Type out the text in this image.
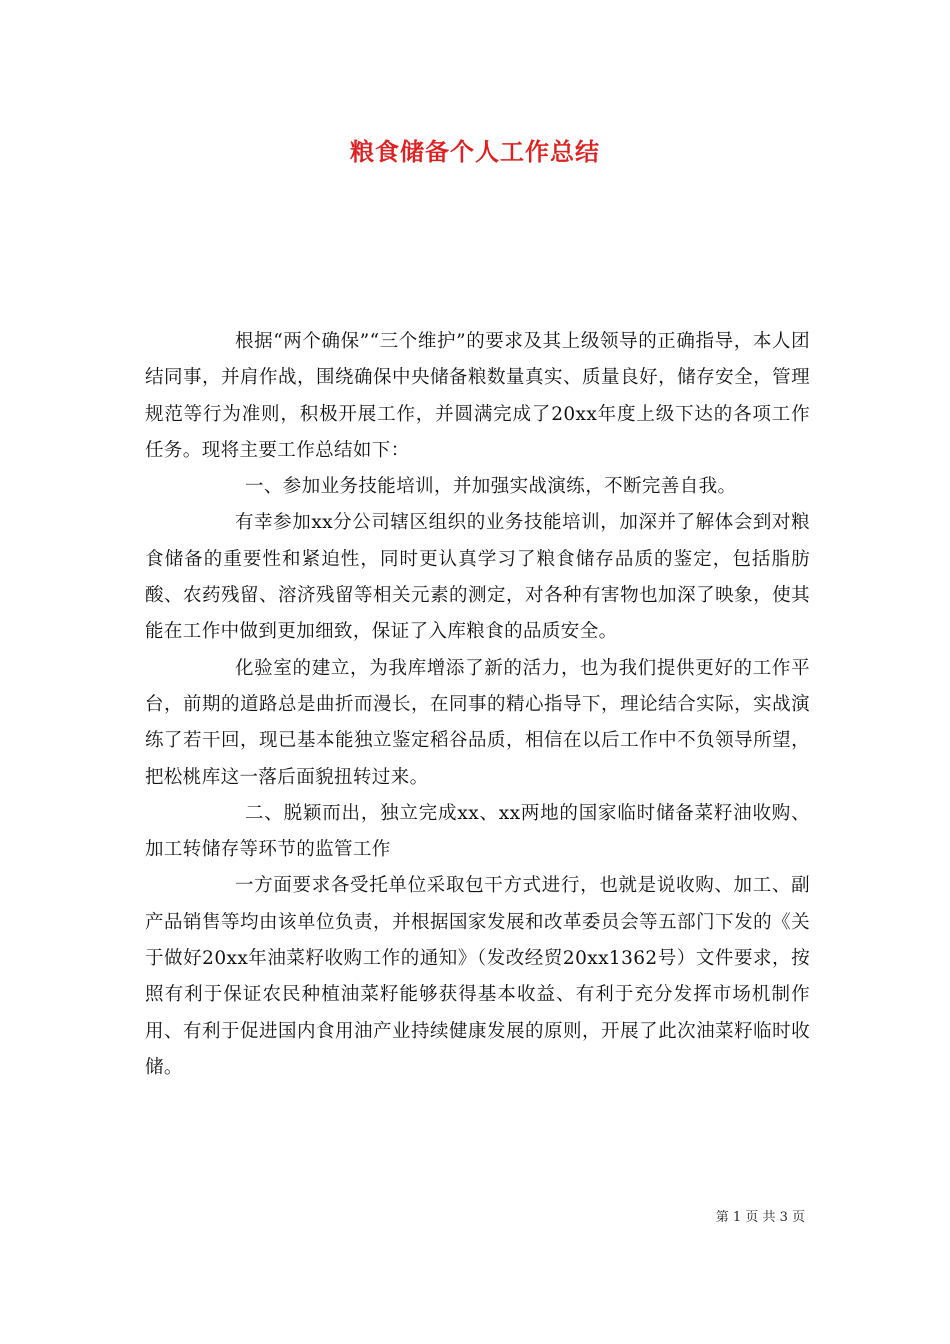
粮食储备个人工作总结

根据“两个确保”“三个维护”的要求及其上级领导的正确指导，本人团结同事，并肩作战，围绕确保中央储备粮数量真实、质量良好，储存安全，管理规范等行为准则，积极开展工作，并圆满完成了20xx年度上级下达的各项工作任务。现将主要工作总结如下：

一、参加业务技能培训，并加强实战演练，不断完善自我。

有幸参加xx分公司辖区组织的业务技能培训，加深并了解体会到对粮食储备的重要性和紧迫性，同时更认真学习了粮食储存品质的鉴定，包括脂肪酸、农药残留、溶济残留等相关元素的测定，对各种有害物也加深了映象，使其能在工作中做到更加细致，保证了入库粮食的品质安全。

化验室的建立，为我库增添了新的活力，也为我们提供更好的工作平台，前期的道路总是曲折而漫长，在同事的精心指导下，理论结合实际，实战演练了若干回，现已基本能独立鉴定稻谷品质，相信在以后工作中不负领导所望，把松桃库这一落后面貌扭转过来。

二、脱颖而出，独立完成xx、xx两地的国家临时储备菜籽油收购、加工转储存等环节的监管工作

一方面要求各受托单位采取包干方式进行，也就是说收购、加工、副产品销售等均由该单位负责，并根据国家发展和改革委员会等五部门下发的《关于做好20xx年油菜籽收购工作的通知》（发改经贸20xx1362号）文件要求，按照有利于保证农民种植油菜籽能够获得基本收益、有利于充分发挥市场机制作用、有利于促进国内食用油产业持续健康发展的原则，开展了此次油菜籽临时收储。

第 1 页 共 3 页
